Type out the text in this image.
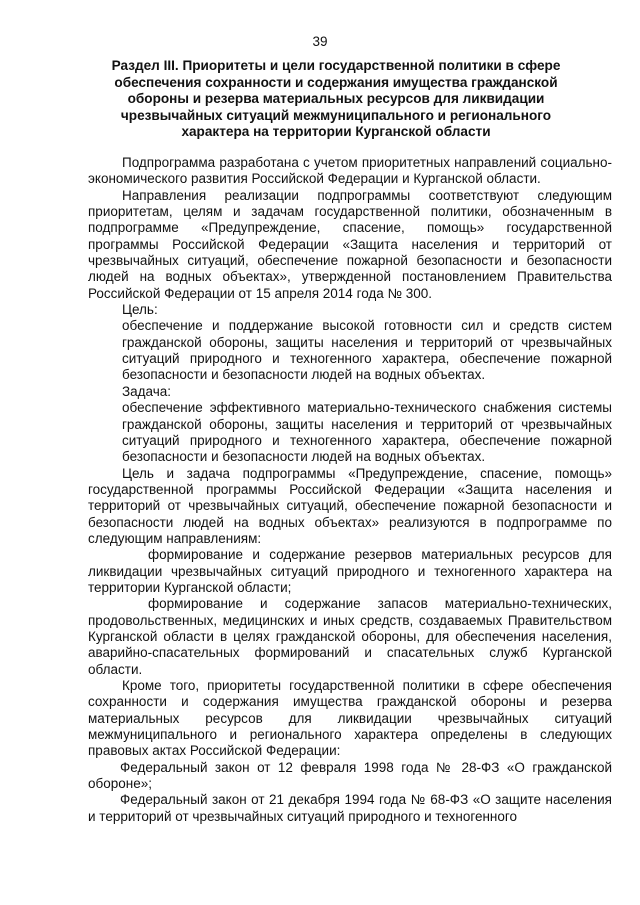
39
Раздел III. Приоритеты и цели государственной политики в сфере обеспечения сохранности и содержания имущества гражданской обороны и резерва материальных ресурсов для ликвидации чрезвычайных ситуаций межмуниципального и регионального характера на территории Курганской области

Подпрограмма разработана с учетом приоритетных направлений социально-экономического развития Российской Федерации и Курганской области.

Направления реализации подпрограммы соответствуют следующим приоритетам, целям и задачам государственной политики, обозначенным в подпрограмме «Предупреждение, спасение, помощь» государственной программы Российской Федерации «Защита населения и территорий от чрезвычайных ситуаций, обеспечение пожарной безопасности и безопасности людей на водных объектах», утвержденной постановлением Правительства Российской Федерации от 15 апреля 2014 года № 300.

Цель:

обеспечение и поддержание высокой готовности сил и средств систем гражданской обороны, защиты населения и территорий от чрезвычайных ситуаций природного и техногенного характера, обеспечение пожарной безопасности и безопасности людей на водных объектах.

Задача:

обеспечение эффективного материально-технического снабжения системы гражданской обороны, защиты населения и территорий от чрезвычайных ситуаций природного и техногенного характера, обеспечение пожарной безопасности и безопасности людей на водных объектах.

Цель и задача подпрограммы «Предупреждение, спасение, помощь» государственной программы Российской Федерации «Защита населения и территорий от чрезвычайных ситуаций, обеспечение пожарной безопасности и безопасности людей на водных объектах» реализуются в подпрограмме по следующим направлениям:

формирование и содержание резервов материальных ресурсов для ликвидации чрезвычайных ситуаций природного и техногенного характера на территории Курганской области;

формирование и содержание запасов материально-технических, продовольственных, медицинских и иных средств, создаваемых Правительством Курганской области в целях гражданской обороны, для обеспечения населения, аварийно-спасательных формирований и спасательных служб Курганской области.

Кроме того, приоритеты государственной политики в сфере обеспечения сохранности и содержания имущества гражданской обороны и резерва материальных ресурсов для ликвидации чрезвычайных ситуаций межмуниципального и регионального характера определены в следующих правовых актах Российской Федерации:

Федеральный закон от 12 февраля 1998 года № 28-ФЗ «О гражданской обороне»;

Федеральный закон от 21 декабря 1994 года № 68-ФЗ «О защите населения и территорий от чрезвычайных ситуаций природного и техногенного
